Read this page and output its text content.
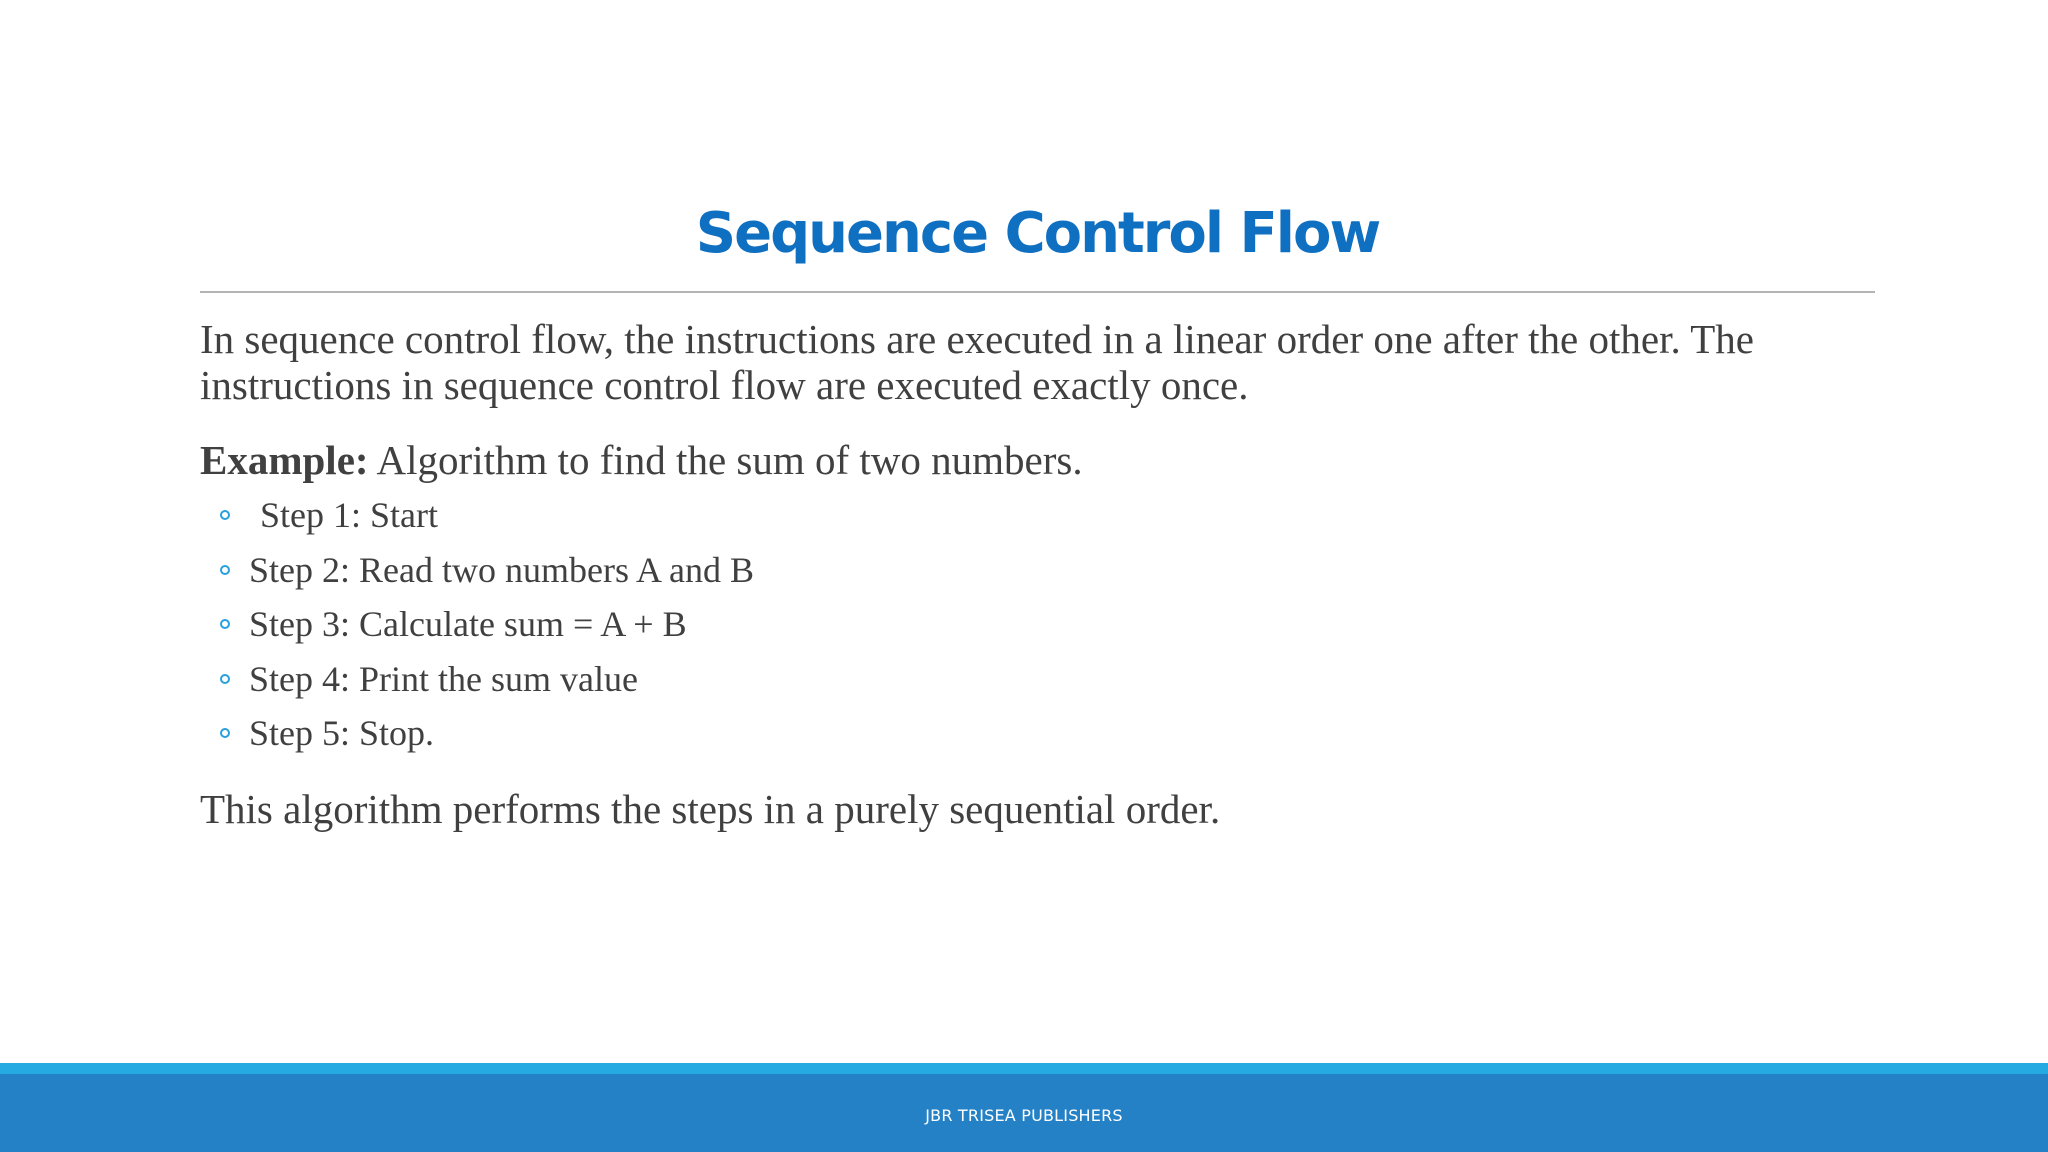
Sequence Control Flow

In sequence control flow, the instructions are executed in a linear order one after the other. The instructions in sequence control flow are executed exactly once.

Example: Algorithm to find the sum of two numbers.

Step 1: Start
Step 2: Read two numbers A and B
Step 3: Calculate sum = A + B
Step 4: Print the sum value
Step 5: Stop.

This algorithm performs the steps in a purely sequential order.

JBR TRISEA PUBLISHERS
